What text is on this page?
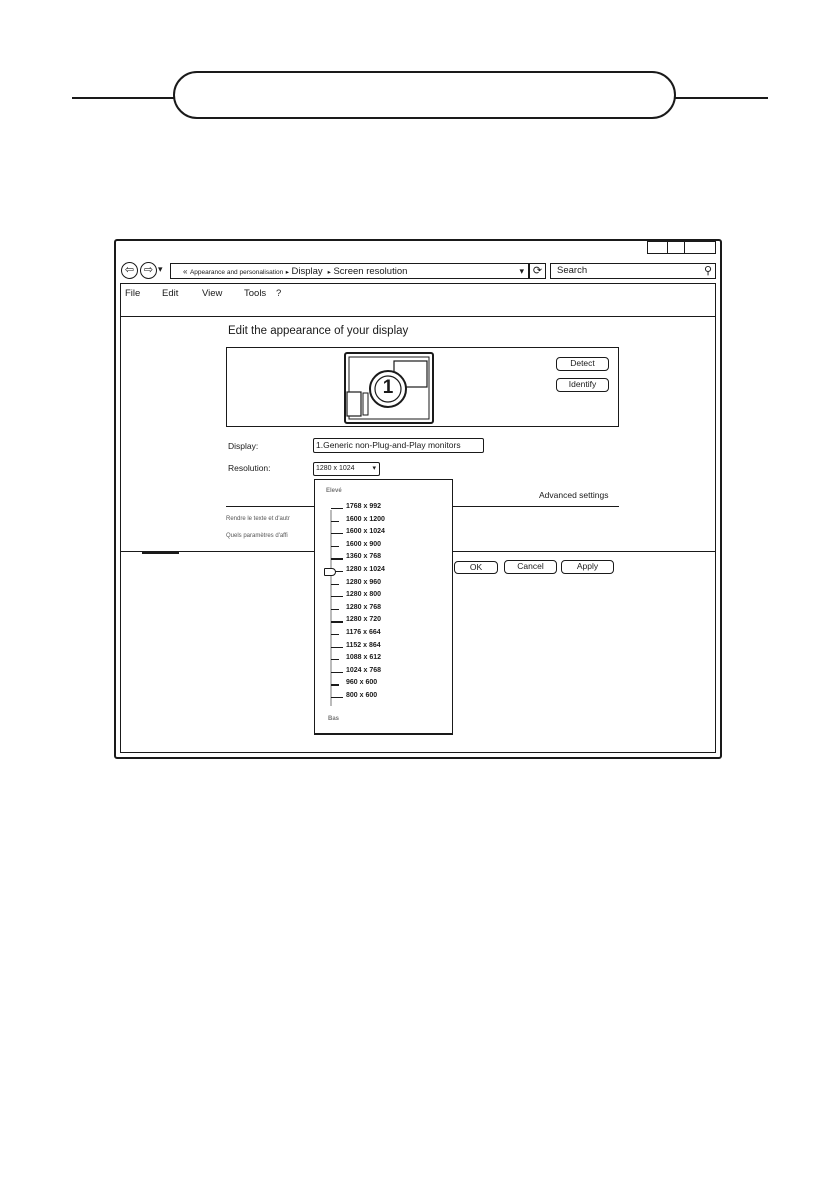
⇦ ⇨ ▾	« Appearance and personalisation ▸ Display ▸ Screen resolution	▾ ⟳	Search	⚲
File Edit View Tools ?
Edit the appearance of your display
1
Detect
Identify
Display:	1.Generic non-Plug-and-Play monitors
Resolution:	1280 x 1024	▾
Advanced settings
Rendre le texte et d'autr
Quels paramètres d'affi
OK	Cancel	Apply
Elevé
Bas
1768 x 992
1600 x 1200
1600 x 1024
1600 x 900
1360 x 768
1280 x 1024
1280 x 960
1280 x 800
1280 x 768
1280 x 720
1176 x 664
1152 x 864
1088 x 612
1024 x 768
960 x 600
800 x 600
